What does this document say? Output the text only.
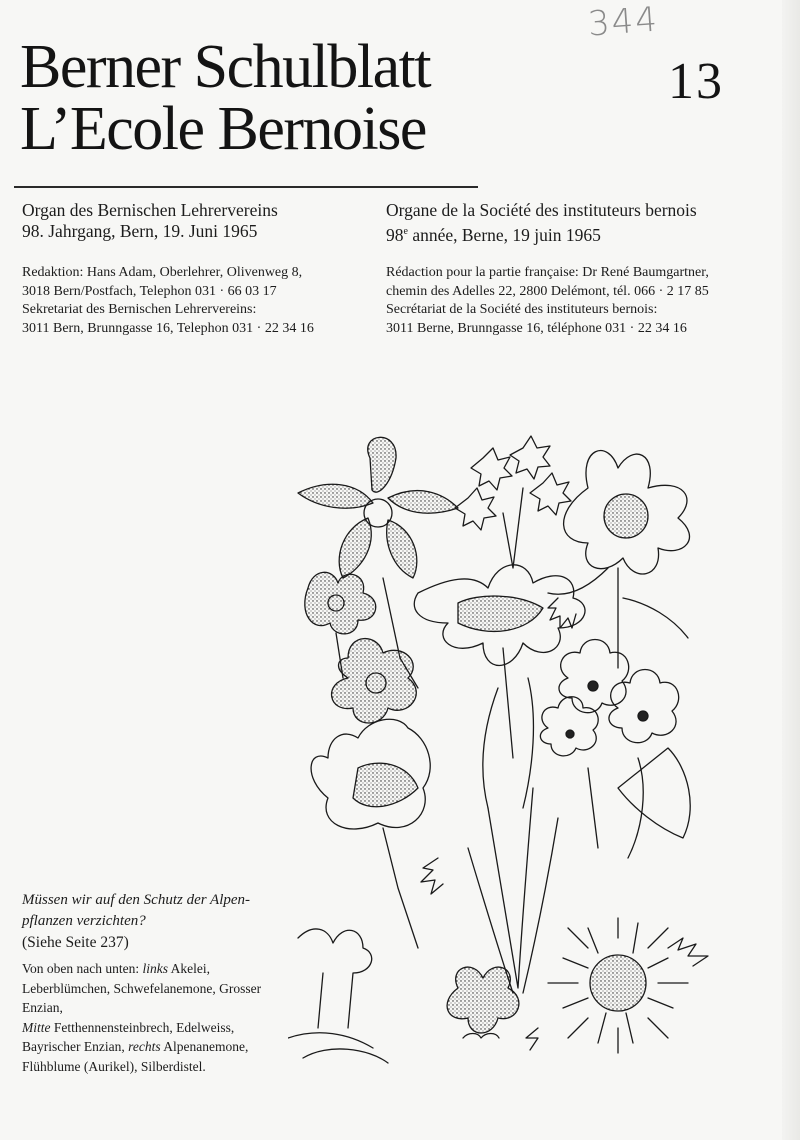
344
Berner Schulblatt
L’Ecole Bernoise
13
Organ des Bernischen Lehrervereins
98. Jahrgang, Bern, 19. Juni 1965
Organe de la Société des instituteurs bernois
98e année, Berne, 19 juin 1965
Redaktion: Hans Adam, Oberlehrer, Olivenweg 8,
3018 Bern/Postfach, Telephon 031 · 66 03 17
Sekretariat des Bernischen Lehrervereins:
3011 Bern, Brunngasse 16, Telephon 031 · 22 34 16
Rédaction pour la partie française: Dr René Baumgartner,
chemin des Adelles 22, 2800 Delémont, tél. 066 · 2 17 85
Secrétariat de la Société des instituteurs bernois:
3011 Berne, Brunngasse 16, téléphone 031 · 22 34 16
Müssen wir auf den Schutz der Alpen-
pflanzen verzichten?
(Siehe Seite 237)
Von oben nach unten: links Akelei, Leberblümchen, Schwefelanemone, Grosser Enzian,
Mitte Fetthennensteinbrech, Edelweiss, Bayrischer Enzian, rechts Alpenanemone, Flühblume (Aurikel), Silberdistel.
